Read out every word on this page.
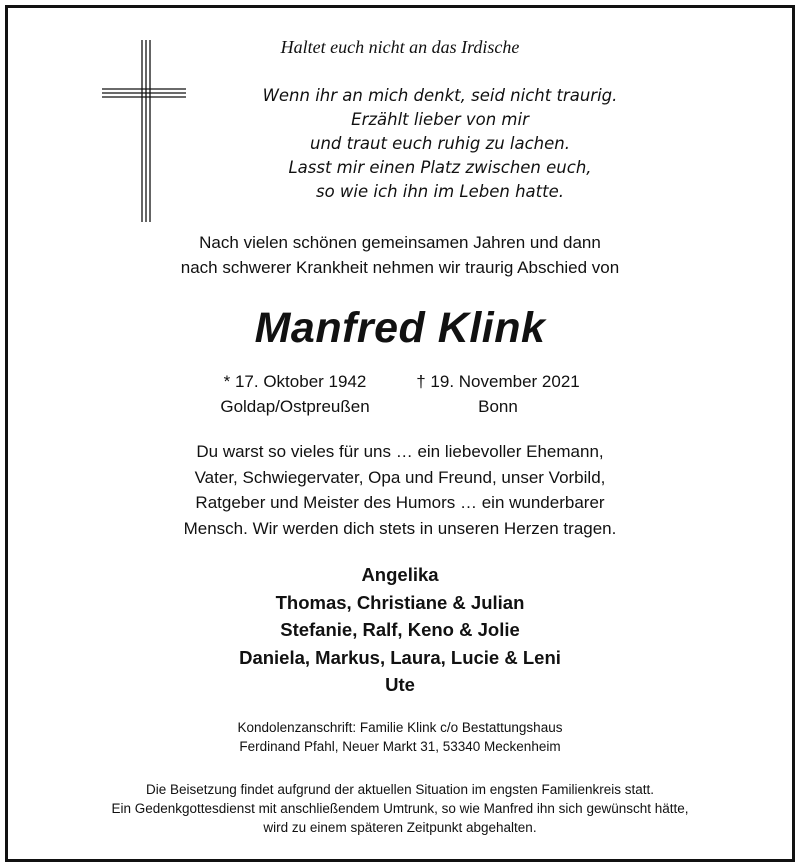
Haltet euch nicht an das Irdische
Wenn ihr an mich denkt, seid nicht traurig.
Erzählt lieber von mir
und traut euch ruhig zu lachen.
Lasst mir einen Platz zwischen euch,
so wie ich ihn im Leben hatte.
Nach vielen schönen gemeinsamen Jahren und dann
nach schwerer Krankheit nehmen wir traurig Abschied von
Manfred Klink
* 17. Oktober 1942
Goldap/Ostpreußen
† 19. November 2021
Bonn
Du warst so vieles für uns … ein liebevoller Ehemann,
Vater, Schwiegervater, Opa und Freund, unser Vorbild,
Ratgeber und Meister des Humors … ein wunderbarer
Mensch. Wir werden dich stets in unseren Herzen tragen.
Angelika
Thomas, Christiane & Julian
Stefanie, Ralf, Keno & Jolie
Daniela, Markus, Laura, Lucie & Leni
Ute
Kondolenzanschrift: Familie Klink c/o Bestattungshaus
Ferdinand Pfahl, Neuer Markt 31, 53340 Meckenheim
Die Beisetzung findet aufgrund der aktuellen Situation im engsten Familienkreis statt.
Ein Gedenkgottesdienst mit anschließendem Umtrunk, so wie Manfred ihn sich gewünscht hätte,
wird zu einem späteren Zeitpunkt abgehalten.
